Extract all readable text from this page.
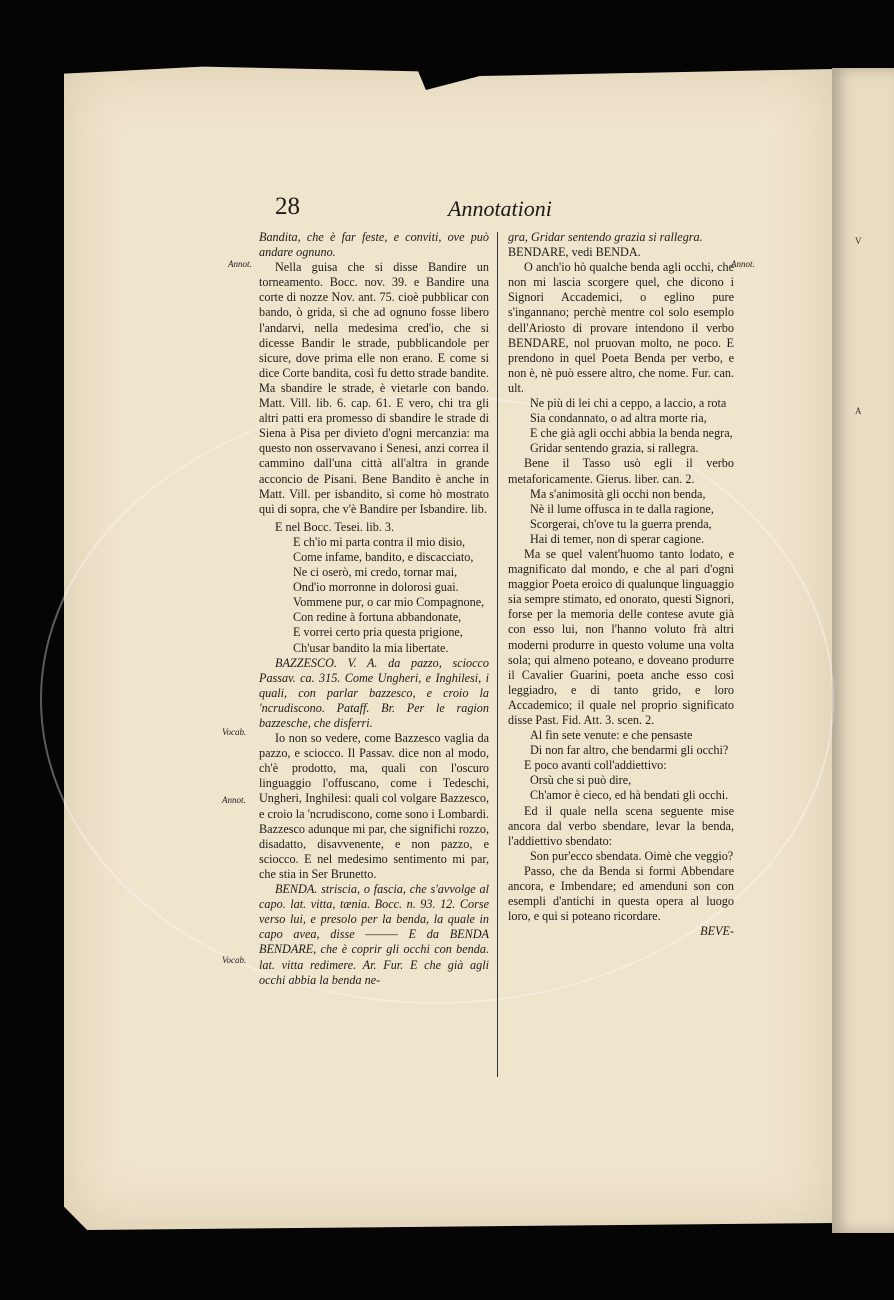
V
A
28	Annotationi
Annot.
Vocab.
Annot.
Vocab.
Annot.

Bandita, che è far feste, e conviti, ove può andare ognuno.

Nella guisa che si disse Bandire un torneamento. Bocc. nov. 39. e Bandire una corte di nozze Nov. ant. 75. cioè pubblicar con bando, ò grida, sì che ad ognuno fosse libero l'andarvi, nella medesima cred'io, che si dicesse Bandir le strade, pubblicandole per sicure, dove prima elle non erano. E come si dice Corte bandita, così fu detto strade bandite. Ma sbandire le strade, è vietarle con bando. Matt. Vill. lib. 6. cap. 61. E vero, chi tra gli altri patti era promesso di sbandire le strade di Siena à Pisa per divieto d'ogni mercanzia: ma questo non osservavano i Senesi, anzi correa il cammino dall'una città all'altra in grande acconcio de Pisani. Bene Bandito è anche in Matt. Vill. per isbandito, sì come hò mostrato qui di sopra, che v'è Bandire per Isbandire. lib.

E nel Bocc. Tesei. lib. 3.

E ch'io mi parta contra il mio disio,

Come infame, bandito, e discacciato,

Ne ci oserò, mi credo, tornar mai,

Ond'io morronne in dolorosi guai.

Vommene pur, o car mio Compagnone,

Con redine à fortuna abbandonate,

E vorrei certo pria questa prigione,

Ch'usar bandito la mia libertate.

BAZZESCO. V. A. da pazzo, sciocco Passav. ca. 315. Come Ungheri, e Inghilesi, i quali, con parlar bazzesco, e croio la 'ncrudiscono. Pataff. Br. Per le ragion bazzesche, che disferri.

Io non so vedere, come Bazzesco vaglia da pazzo, e sciocco. Il Passav. dice non al modo, ch'è prodotto, ma, quali con l'oscuro linguaggio l'offuscano, come i Tedeschi, Ungheri, Inghilesi: quali col volgare Bazzesco, e croio la 'ncrudiscono, come sono i Lombardi. Bazzesco adunque mi par, che significhi rozzo, disadatto, disavvenente, e non pazzo, e sciocco. E nel medesimo sentimento mi par, che stia in Ser Brunetto.

BENDA. striscia, o fascia, che s'avvolge al capo. lat. vitta, tænia. Bocc. n. 93. 12. Corse verso lui, e presolo per la benda, la quale in capo avea, disse ——— E da BENDA BENDARE, che è coprir gli occhi con benda. lat. vitta redimere. Ar. Fur. E che già agli occhi abbia la benda ne-

gra, Gridar sentendo grazia si rallegra.

BENDARE, vedi BENDA.

O anch'io hò qualche benda agli occhi, che non mi lascia scorgere quel, che dicono i Signori Accademici, o eglino pure s'ingannano; perchè mentre col solo esemplo dell'Ariosto di provare intendono il verbo BENDARE, nol pruovan molto, ne poco. E prendono in quel Poeta Benda per verbo, e non è, nè può essere altro, che nome. Fur. can. ult.

Ne più di lei chi a ceppo, a laccio, a rota

Sia condannato, o ad altra morte ria,

E che già agli occhi abbia la benda negra,

Gridar sentendo grazia, si rallegra.

Bene il Tasso usò egli il verbo metaforicamente. Gierus. liber. can. 2.

Ma s'animosità gli occhi non benda,

Nè il lume offusca in te dalla ragione,

Scorgerai, ch'ove tu la guerra prenda,

Hai di temer, non di sperar cagione.

Ma se quel valent'huomo tanto lodato, e magnificato dal mondo, e che al pari d'ogni maggior Poeta eroico di qualunque linguaggio sia sempre stimato, ed onorato, questi Signori, forse per la memoria delle contese avute già con esso lui, non l'hanno voluto frà altri moderni produrre in questo volume una volta sola; qui almeno poteano, e doveano produrre il Cavalier Guarini, poeta anche esso così leggiadro, e di tanto grido, e loro Accademico; il quale nel proprio significato disse Past. Fid. Att. 3. scen. 2.

Al fin sete venute: e che pensaste

Di non far altro, che bendarmi gli occhi?

E poco avanti coll'addiettivo:

Orsù che si può dire,

Ch'amor è cieco, ed hà bendati gli occhi.

Ed il quale nella scena seguente mise ancora dal verbo sbendare, levar la benda, l'addiettivo sbendato:

Son pur'ecco sbendata. Oimè che veggio?

Passo, che da Benda si formi Abbendare ancora, e Imbendare; ed amenduni son con esempli d'antichi in questa opera al luogo loro, e qui si poteano ricordare.

BEVE-
